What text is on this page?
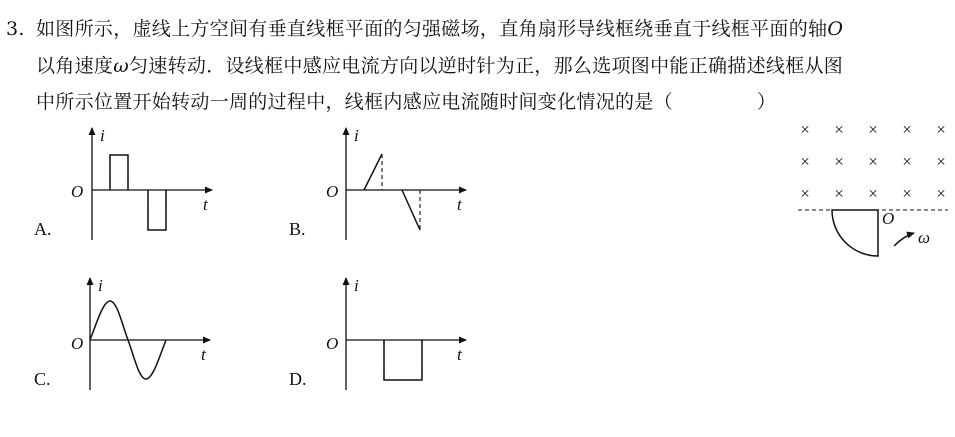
3. 如图所示，虚线上方空间有垂直线框平面的匀强磁场，直角扇形导线框绕垂直于线框平面的轴O
以角速度ω匀速转动．设线框中感应电流方向以逆时针为正，那么选项图中能正确描述线框从图
中所示位置开始转动一周的过程中，线框内感应电流随时间变化情况的是（	）
i
t
O
A.
i
t
O
B.
i
t
O
C.
i
t
O
D.
× × × × ×
× × × × ×
× × × × ×
O
ω
